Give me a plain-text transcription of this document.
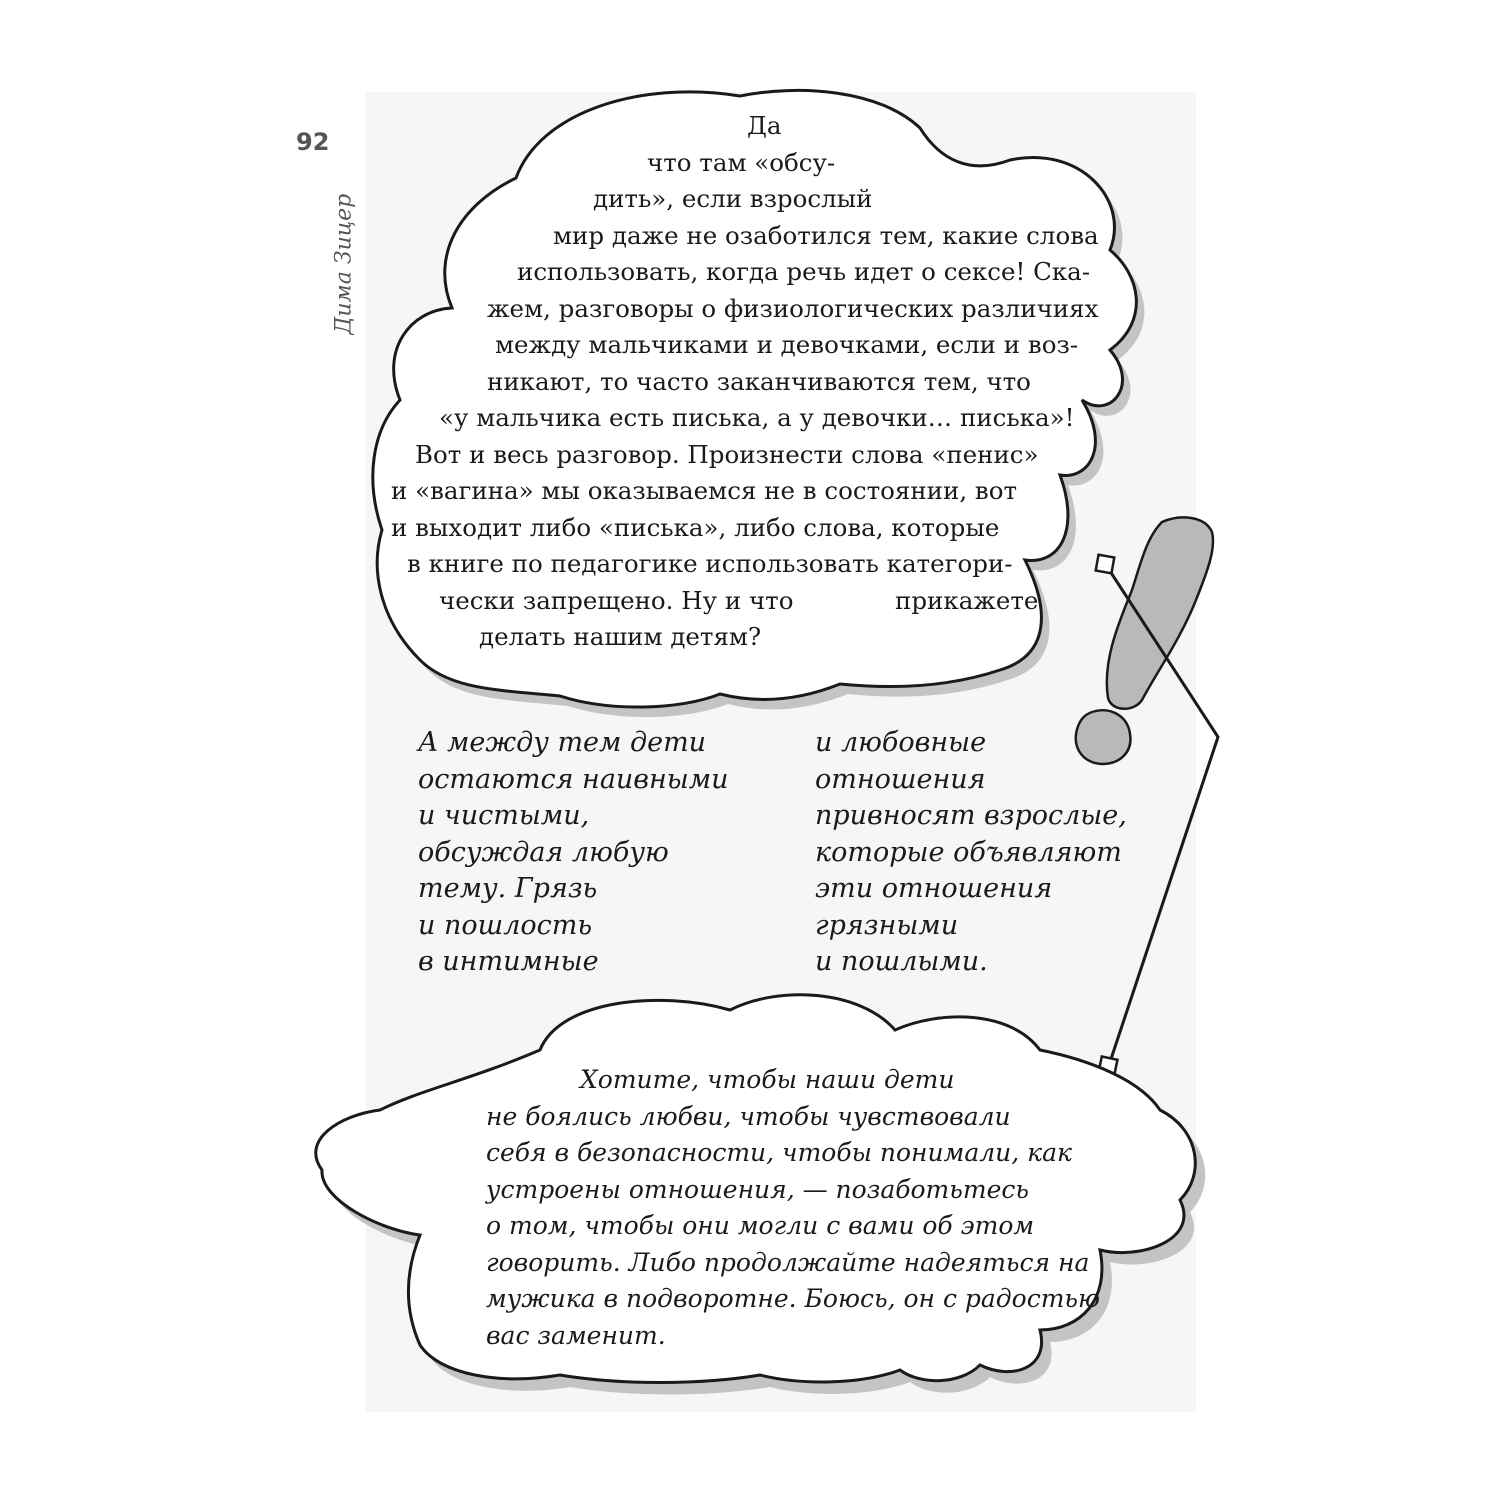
92
Дима Зицер
Да
что там «обсу-
дить», если взрослый
мир даже не озаботился тем, какие слова
использовать, когда речь идет о сексе! Ска-
жем, разговоры о физиологических различиях
между мальчиками и девочками, если и воз-
никают, то часто заканчиваются тем, что
«у мальчика есть писька, а у девочки… писька»!
Вот и весь разговор. Произнести слова «пенис»
и «вагина» мы оказываемся не в состоянии, вот
и выходит либо «писька», либо слова, которые
в книге по педагогике использовать категори-
чески запрещено. Ну и что	прикажете
делать нашим детям?
А между тем дети
остаются наивными
и чистыми,
обсуждая любую
тему. Грязь
и пошлость
в интимные
и любовные
отношения
привносят взрослые,
которые объявляют
эти отношения
грязными
и пошлыми.
Хотите, чтобы наши дети
не боялись любви, чтобы чувствовали
себя в безопасности, чтобы понимали, как
устроены отношения, — позаботьтесь
о том, чтобы они могли с вами об этом
говорить. Либо продолжайте надеяться на
мужика в подворотне. Боюсь, он с радостью
вас заменит.
